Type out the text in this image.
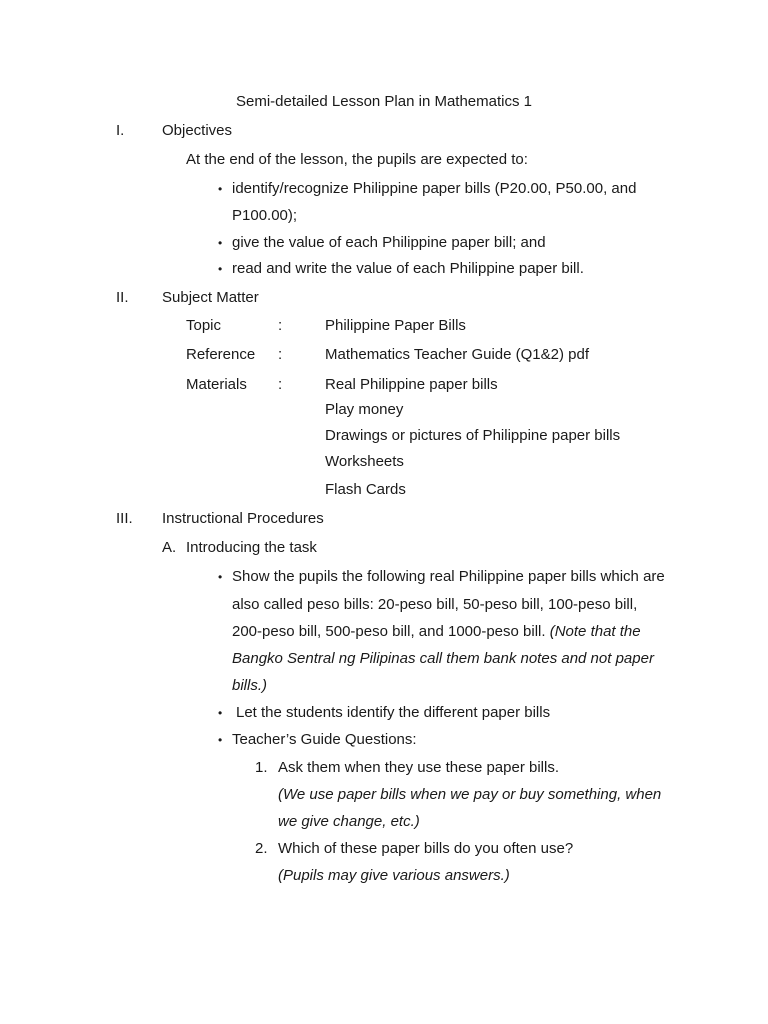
Semi-detailed Lesson Plan in Mathematics 1
I.	Objectives
At the end of the lesson, the pupils are expected to:
• identify/recognize Philippine paper bills (P20.00, P50.00, and
P100.00);
• give the value of each Philippine paper bill; and
• read and write the value of each Philippine paper bill.
II. Subject Matter
Topic	:	Philippine Paper Bills
Reference :	Mathematics Teacher Guide (Q1&2) pdf
Materials :	Real Philippine paper bills
Play money
Drawings or pictures of Philippine paper bills
Worksheets
Flash Cards
III. Instructional Procedures
A. Introducing the task
• Show the pupils the following real Philippine paper bills which are
also called peso bills: 20-peso bill, 50-peso bill, 100-peso bill,
200-peso bill, 500-peso bill, and 1000-peso bill. (Note that the
Bangko Sentral ng Pilipinas call them bank notes and not paper
bills.)
• Let the students identify the different paper bills
• Teacher’s Guide Questions:
1. Ask them when they use these paper bills.
(We use paper bills when we pay or buy something, when
we give change, etc.)
2. Which of these paper bills do you often use?
(Pupils may give various answers.)
